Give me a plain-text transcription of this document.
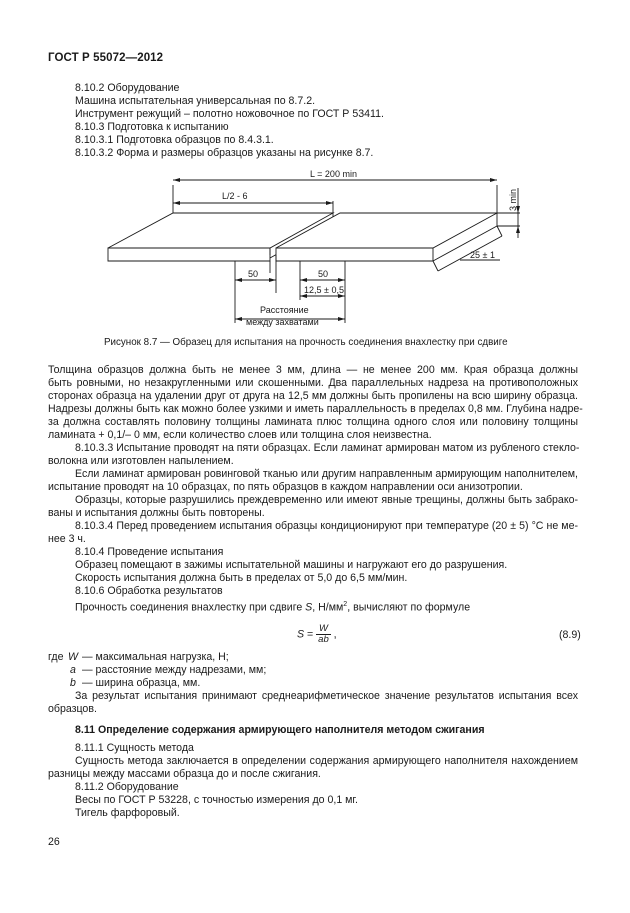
ГОСТ Р 55072—2012
8.10.2 Оборудование
Машина испытательная универсальная по 8.7.2.
Инструмент режущий – полотно ножовочное по ГОСТ Р 53411.
8.10.3 Подготовка к испытанию
8.10.3.1 Подготовка образцов по 8.4.3.1.
8.10.3.2 Форма и размеры образцов указаны на рисунке 8.7.
L = 200 min
L/2 - 6	3 min
25 ± 1
50	50
12,5 ± 0,5
Расстояние
между захватами
Рисунок 8.7 — Образец для испытания на прочность соединения внахлестку при сдвиге
Толщина образцов должна быть не менее 3 мм, длина — не менее 200 мм. Края образца должны
быть ровными, но незакругленными или скошенными. Два параллельных надреза на противоположных
сторонах образца на удалении друг от друга на 12,5 мм должны быть пропилены на всю ширину образца.
Надрезы должны быть как можно более узкими и иметь параллельность в пределах 0,8 мм. Глубина надре-
за должна составлять половину толщины ламината плюс толщина одного слоя или половину толщины
ламината + 0,1/– 0 мм, если количество слоев или толщина слоя неизвестна.
8.10.3.3 Испытание проводят на пяти образцах. Если ламинат армирован матом из рубленого стекло-
волокна или изготовлен напылением.
Если ламинат армирован ровинговой тканью или другим направленным армирующим наполнителем,
испытание проводят на 10 образцах, по пять образцов в каждом направлении оси анизотропии.
Образцы, которые разрушились преждевременно или имеют явные трещины, должны быть забрако-
ваны и испытания должны быть повторены.
8.10.3.4 Перед проведением испытания образцы кондиционируют при температуре (20 ± 5) °С не ме-
нее 3 ч.
8.10.4 Проведение испытания
Образец помещают в зажимы испытательной машины и нагружают его до разрушения.
Скорость испытания должна быть в пределах от 5,0 до 6,5 мм/мин.
8.10.6 Обработка результатов
Прочность соединения внахлестку при сдвиге S, $Н/мм^2$, вычисляют по формуле
$S = \frac{W}{ab}$ ,	(8.9)
где W — максимальная нагрузка, Н;
a — расстояние между надрезами, мм;
b — ширина образца, мм.
За результат испытания принимают среднеарифметическое значение результатов испытания всех
образцов.
8.11 Определение содержания армирующего наполнителя методом сжигания
8.11.1 Сущность метода
Сущность метода заключается в определении содержания армирующего наполнителя нахождением
разницы между массами образца до и после сжигания.
8.11.2 Оборудование
Весы по ГОСТ Р 53228, с точностью измерения до 0,1 мг.
Тигель фарфоровый.
26
